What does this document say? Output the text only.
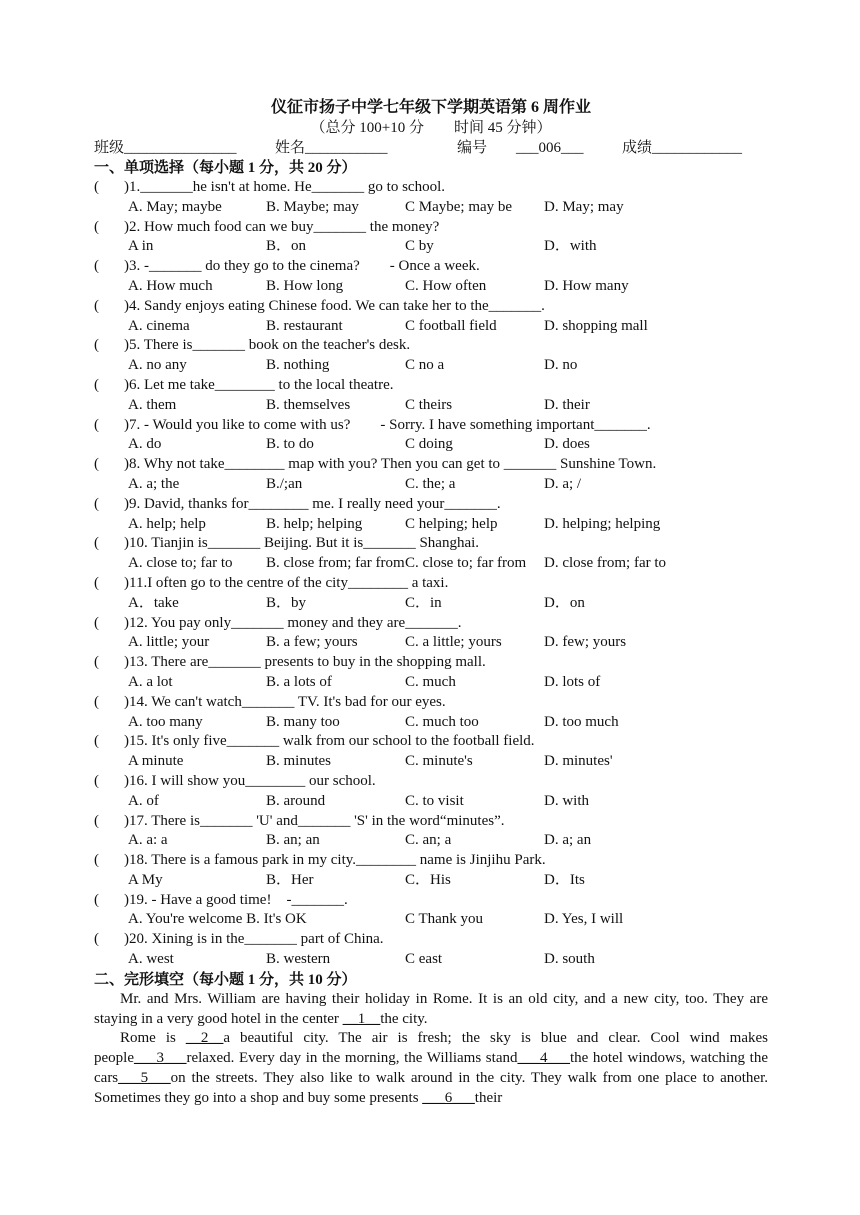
仪征市扬子中学七年级下学期英语第 6 周作业
（总分 100+10 分　　时间 45 分钟）
班级_______________	姓名___________	编号 ___006___	成绩____________
一、单项选择（每小题 1 分，共 20 分）
( )1._______he isn't at home. He_______ go to school.
A. May; maybe	B. Maybe; may	C Maybe; may be D. May; may
( )2. How much food can we buy_______ the money?
A in	B．on	C by	D．with
( )3. -_______ do they go to the cinema?　　- Once a week.
A. How much	B. How long	C. How often	D. How many
( )4. Sandy enjoys eating Chinese food. We can take her to the_______.
A. cinema	B. restaurant	C football field	D. shopping mall
( )5. There is_______ book on the teacher's desk.
A. no any	B. nothing	C no a	D. no
( )6. Let me take________ to the local theatre.
A. them	B. themselves	C theirs	D. their
( )7. - Would you like to come with us?　　- Sorry. I have something important_______.
A. do	B. to do	C doing	D. does
( )8. Why not take________ map with you? Then you can get to _______ Sunshine Town.
A. a; the	B./;an	C. the; a	D. a; /
( )9. David, thanks for________ me. I really need your_______.
A. help; help	B. help; helping	C helping; help	D. helping; helping
( )10. Tianjin is_______ Beijing. But it is_______ Shanghai.
A. close to; far to B. close from; far from C. close to; far from D. close from; far to
( )11.I often go to the centre of the city________ a taxi.
A．take	B．by	C．in	D．on
( )12. You pay only_______ money and they are_______.
A. little; your	B. a few; yours	C. a little; yours	D. few; yours
( )13. There are_______ presents to buy in the shopping mall.
A. a lot	B. a lots of	C. much	D. lots of
( )14. We can't watch_______ TV. It's bad for our eyes.
A. too many	B. many too	C. much too	D. too much
( )15. It's only five_______ walk from our school to the football field.
A minute	B. minutes	C. minute's	D. minutes'
( )16. I will show you________ our school.
A. of	B. around	C. to visit	D. with
( )17. There is_______ 'U' and_______ 'S' in the word“minutes”.
A. a: a	B. an; an	C. an; a	D. a; an
( )18. There is a famous park in my city.________ name is Jinjihu Park.
A My	B．Her	C．His	D．Its
( )19. - Have a good time!　-_______.
A. You're welcome B. It's OK	C Thank you	D. Yes, I will
( )20. Xining is in the_______ part of China.
A. west	B. western	C east	D. south
二、完形填空（每小题 1 分，共 10 分）
Mr. and Mrs. William are having their holiday in Rome. It is an old city, and a new city, too. They are staying in a very good hotel in the center __1__the city.
Rome is __2__a beautiful city. The air is fresh; the sky is blue and clear. Cool wind makes people___3___relaxed. Every day in the morning, the Williams stand___4___the hotel windows, watching the cars___5___on the streets. They also like to walk around in the city. They walk from one place to another. Sometimes they go into a shop and buy some presents ___6___their
